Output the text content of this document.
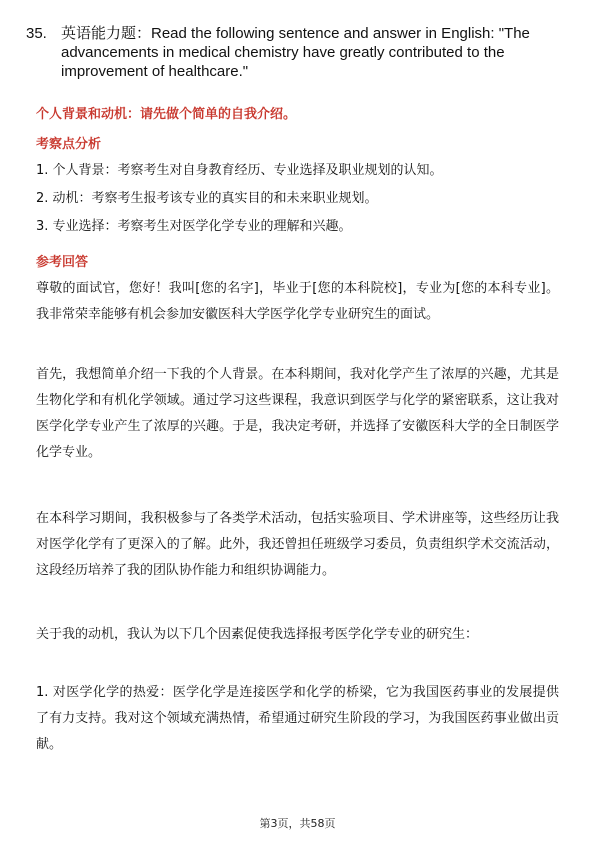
35. 英语能力题：Read the following sentence and answer in English: "The advancements in medical chemistry have greatly contributed to the improvement of healthcare."
个人背景和动机：请先做个简单的自我介绍。
考察点分析
1. 个人背景：考察考生对自身教育经历、专业选择及职业规划的认知。
2. 动机：考察考生报考该专业的真实目的和未来职业规划。
3. 专业选择：考察考生对医学化学专业的理解和兴趣。
参考回答
尊敬的面试官，您好！我叫[您的名字]，毕业于[您的本科院校]，专业为[您的本科专业]。我非常荣幸能够有机会参加安徽医科大学医学化学专业研究生的面试。
首先，我想简单介绍一下我的个人背景。在本科期间，我对化学产生了浓厚的兴趣，尤其是生物化学和有机化学领域。通过学习这些课程，我意识到医学与化学的紧密联系，这让我对医学化学专业产生了浓厚的兴趣。于是，我决定考研，并选择了安徽医科大学的全日制医学化学专业。
在本科学习期间，我积极参与了各类学术活动，包括实验项目、学术讲座等，这些经历让我对医学化学有了更深入的了解。此外，我还曾担任班级学习委员，负责组织学术交流活动，这段经历培养了我的团队协作能力和组织协调能力。
关于我的动机，我认为以下几个因素促使我选择报考医学化学专业的研究生：
1. 对医学化学的热爱：医学化学是连接医学和化学的桥梁，它为我国医药事业的发展提供了有力支持。我对这个领域充满热情，希望通过研究生阶段的学习，为我国医药事业做出贡献。
第3页，共58页
